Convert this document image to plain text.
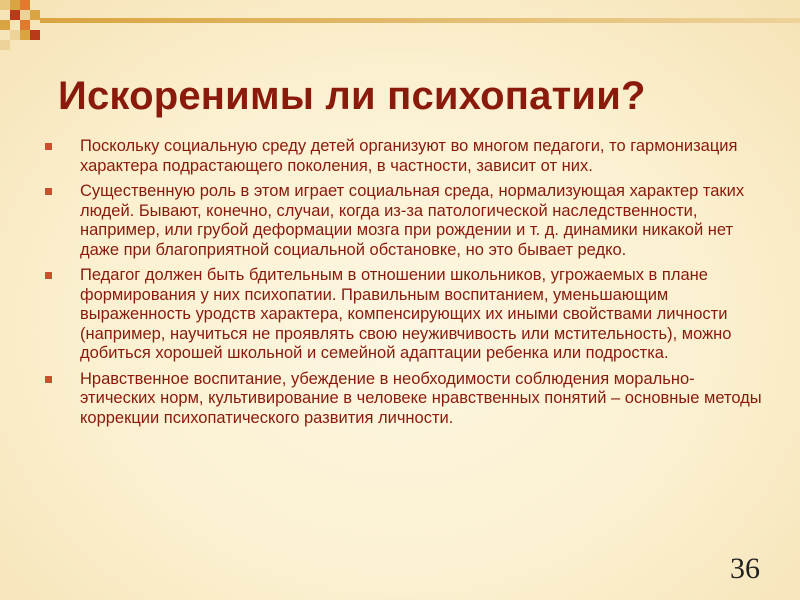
Искоренимы ли психопатии?
Поскольку социальную среду детей организуют во многом педагоги, то гармонизация характера подрастающего поколения, в частности, зависит от них.
Существенную роль в этом играет социальная среда, нормализующая характер таких людей. Бывают, конечно, случаи, когда из-за патологической наследственности, например, или грубой деформации мозга при рождении и т. д. динамики никакой нет даже при благоприятной социальной обстановке, но это бывает редко.
Педагог должен быть бдительным в отношении школьников, угрожаемых в плане формирования у них психопатии. Правильным воспитанием, уменьшающим выраженность уродств характера, компенсирующих их иными свойствами личности (например, научиться не проявлять свою неуживчивость или мстительность), можно добиться хорошей школьной и семейной адаптации ребенка или подростка.
Нравственное воспитание, убеждение в необходимости соблюдения морально-этических норм, культивирование в человеке нравственных понятий – основные методы коррекции психопатического развития личности.
36
